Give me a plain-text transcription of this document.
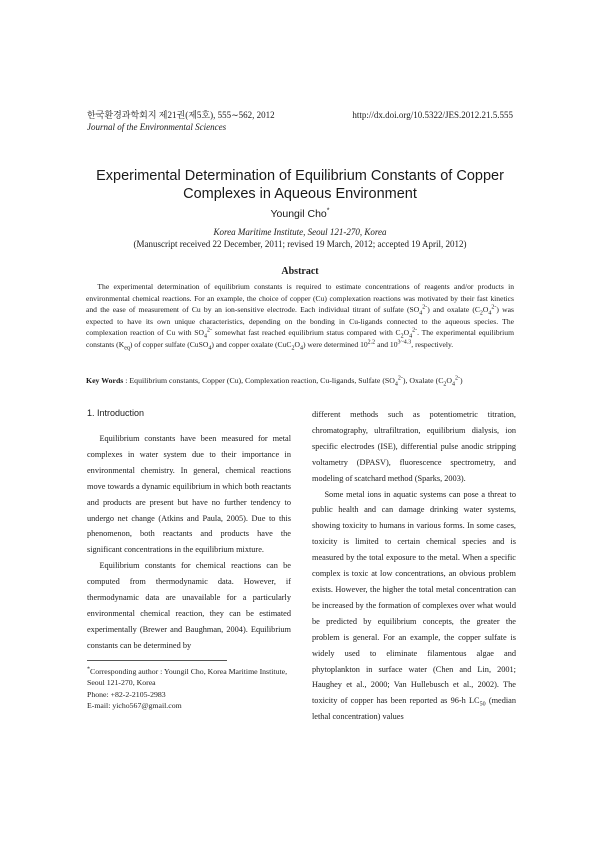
한국환경과학회지 제21권(제5호), 555∼562, 2012
Journal of the Environmental Sciences
http://dx.doi.org/10.5322/JES.2012.21.5.555
Experimental Determination of Equilibrium Constants of Copper
Complexes in Aqueous Environment
Youngil Cho*
Korea Maritime Institute, Seoul 121-270, Korea
(Manuscript received 22 December, 2011; revised 19 March, 2012; accepted 19 April, 2012)
Abstract
The experimental determination of equilibrium constants is required to estimate concentrations of reagents and/or products in environmental chemical reactions. For an example, the choice of copper (Cu) complexation reactions was motivated by their fast kinetics and the ease of measurement of Cu by an ion-sensitive electrode. Each individual titrant of sulfate $(SO_4^{2-})$ and oxalate $(C_2O_4^{2-})$ was expected to have its own unique characteristics, depending on the bonding in Cu-ligands connected to the aqueous species. The complexation reaction of Cu with $SO_4^{2-}$ somewhat fast reached equilibrium status compared with $C_2O_4^{2-}$. The experimental equilibrium constants $(K_{eq})$ of copper sulfate (CuSO$_4$) and copper oxalate $(CuC_2O_4)$ were determined $10^{2.2}$ and $10^{3\sim 4.3}$, respectively.
Key Words : Equilibrium constants, Copper (Cu), Complexation reaction, Cu-ligands, Sulfate $(SO_4^{2-})$, Oxalate $(C_2O_4^{2-})$
1. Introduction

Equilibrium constants have been measured for metal complexes in water system due to their importance in environmental chemistry. In general, chemical reactions move towards a dynamic equilibrium in which both reactants and products are present but have no further tendency to undergo net change (Atkins and Paula, 2005). Due to this phenomenon, both reactants and products have the significant concentrations in the equilibrium mixture.

Equilibrium constants for chemical reactions can be computed from thermodynamic data. However, if thermodynamic data are unavailable for a particularly environmental chemical reaction, they can be estimated experimentally (Brewer and Baughman, 2004). Equilibrium constants can be determined by

different methods such as potentiometric titration, chromatography, ultrafiltration, equilibrium dialysis, ion specific electrodes (ISE), differential pulse anodic stripping voltametry (DPASV), fluorescence spectrometry, and modeling of scatchard method (Sparks, 2003).

Some metal ions in aquatic systems can pose a threat to public health and can damage drinking water systems, showing toxicity to humans in various forms. In some cases, toxicity is limited to certain chemical species and is measured by the total exposure to the metal. When a specific complex is toxic at low concentrations, an obvious problem exists. However, the higher the total metal concentration can be increased by the formation of complexes over what would be predicted by equilibrium concepts, the greater the problem is general. For an example, the copper sulfate is widely used to eliminate filamentous algae and phytoplankton in surface water (Chen and Lin, 2001; Haughey et al., 2000; Van Hullebusch et al., 2002). The toxicity of copper has been reported as 96-h $LC_{50}$ (median lethal concentration) values

*Corresponding author : Youngil Cho, Korea Maritime Institute, Seoul 121-270, Korea
Phone: +82-2-2105-2983
E-mail: yicho567@gmail.com
